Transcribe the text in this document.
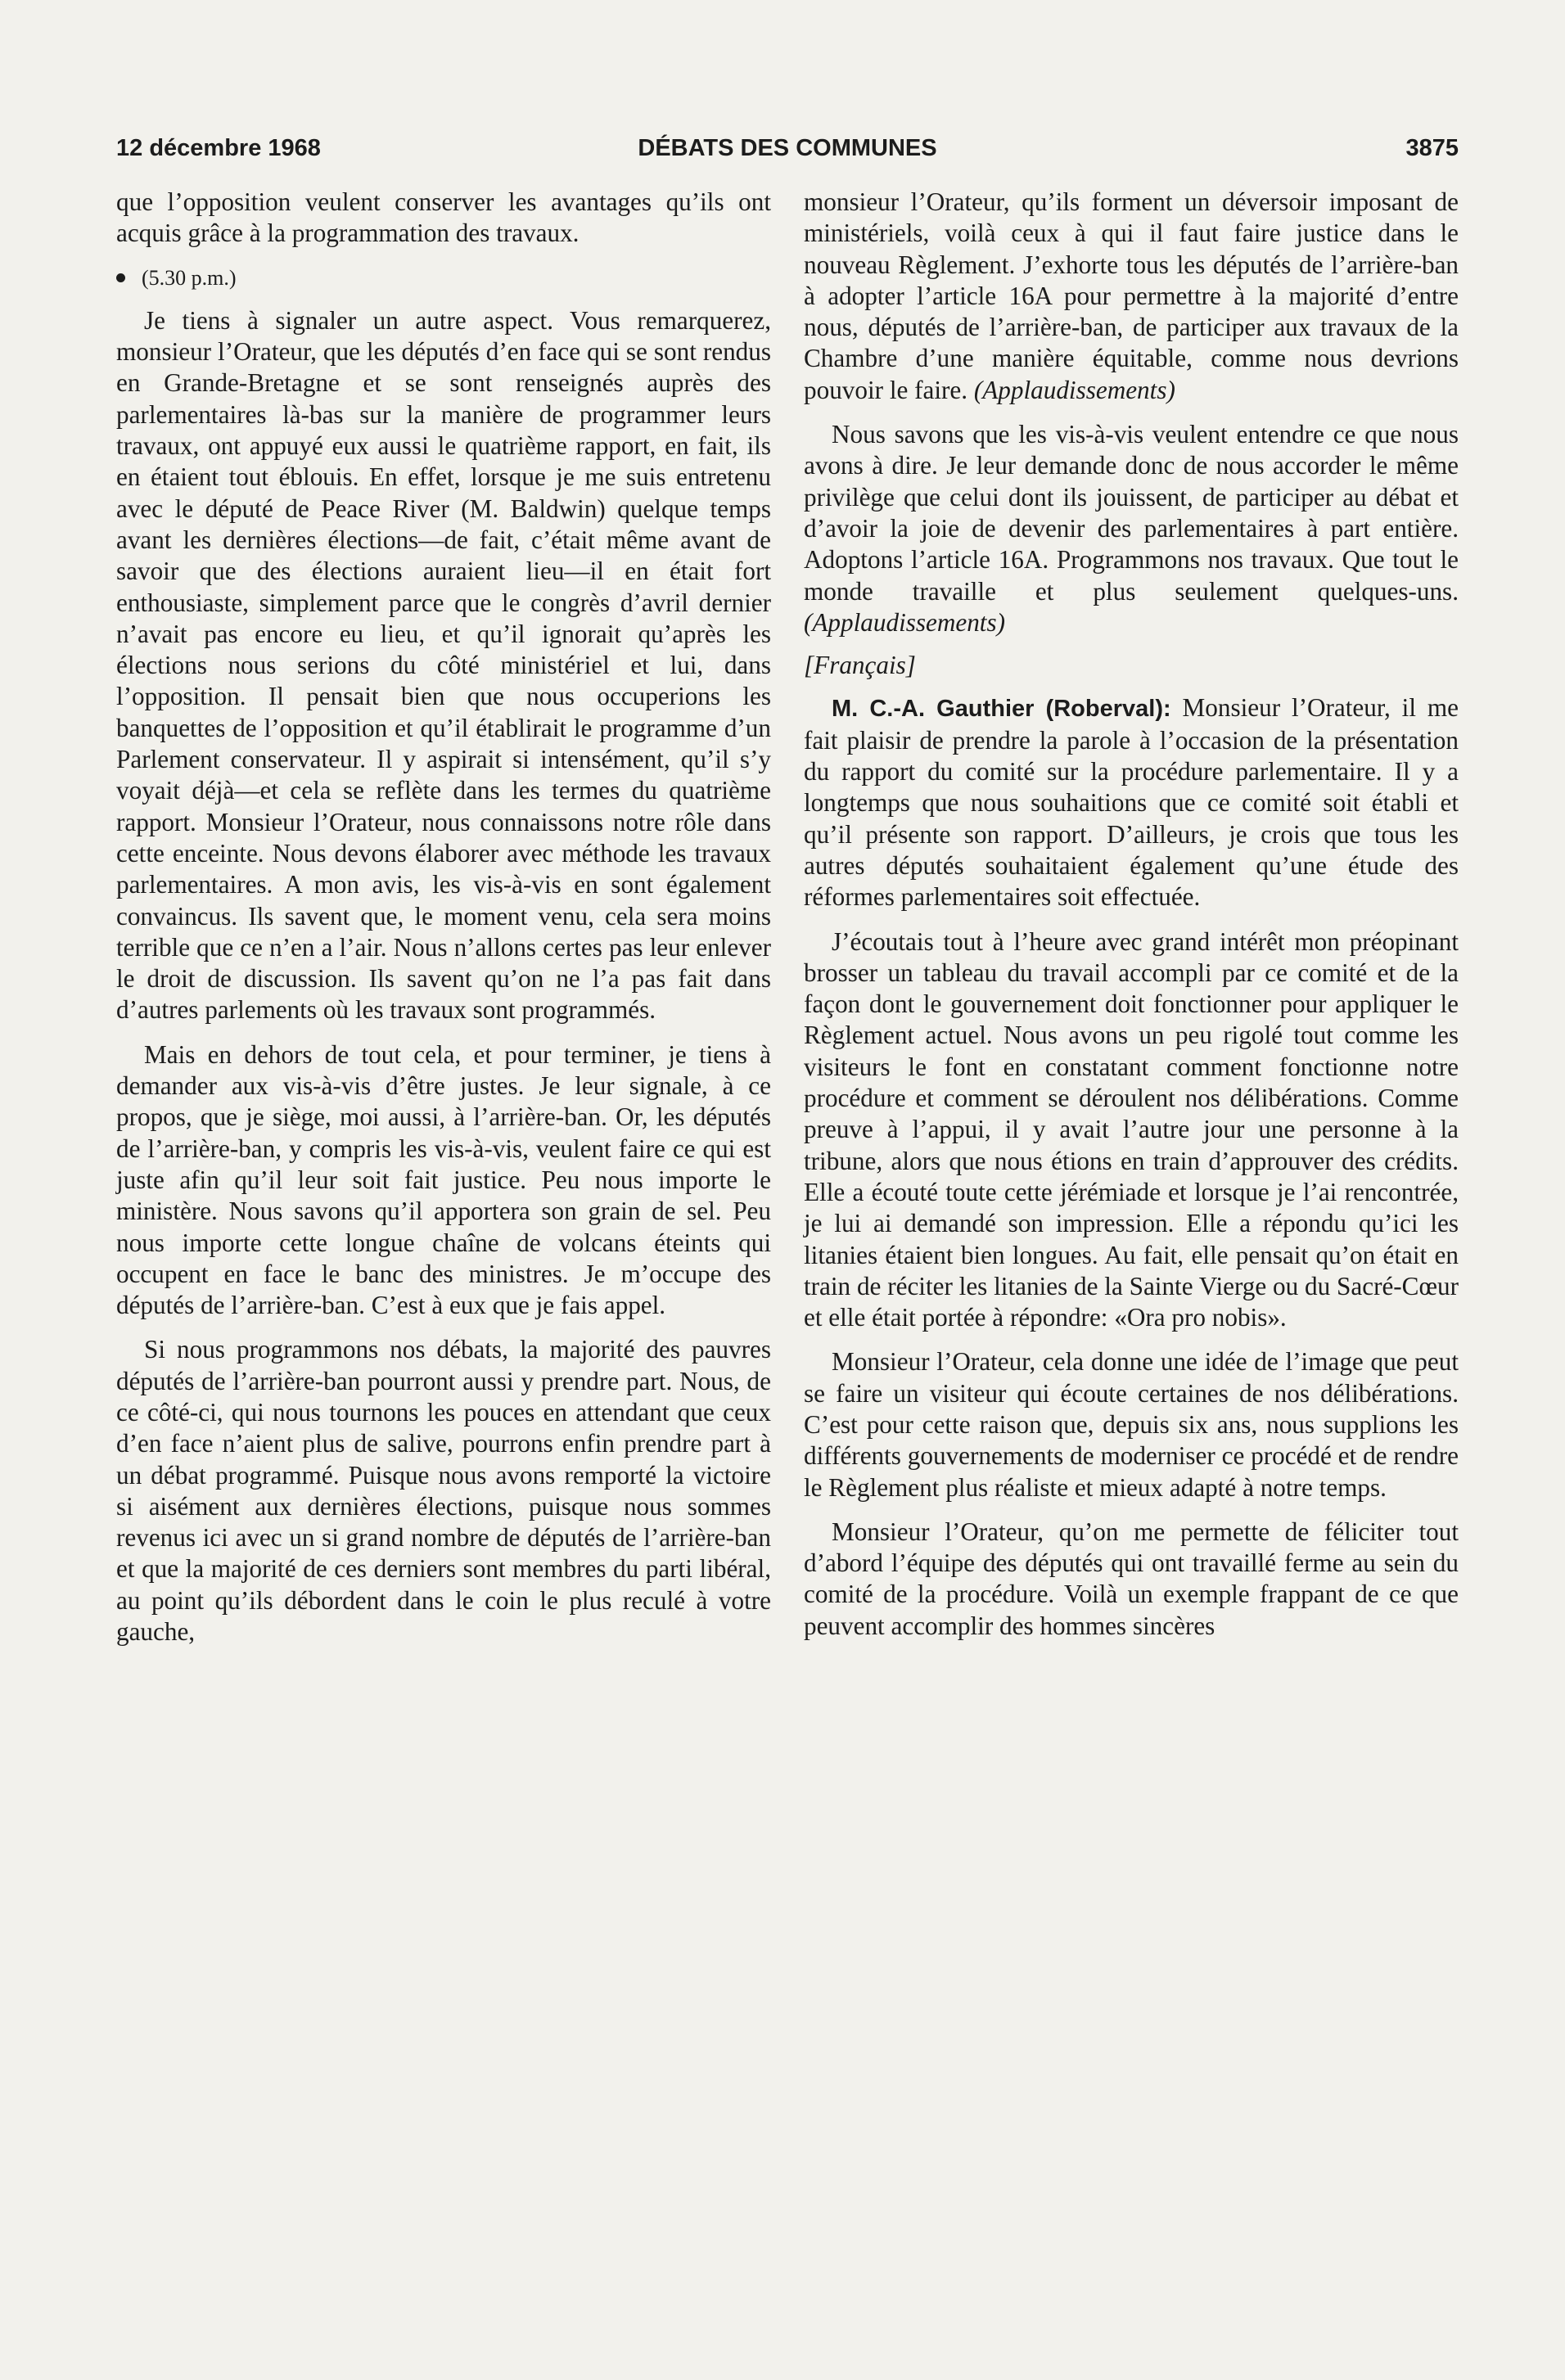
12 décembre 1968	DÉBATS DES COMMUNES	3875

que l’opposition veulent conserver les avantages qu’ils ont acquis grâce à la programmation des travaux.

(5.30 p.m.)

Je tiens à signaler un autre aspect. Vous remarquerez, monsieur l’Orateur, que les députés d’en face qui se sont rendus en Grande-Bretagne et se sont renseignés auprès des parlementaires là-bas sur la manière de programmer leurs travaux, ont appuyé eux aussi le quatrième rapport, en fait, ils en étaient tout éblouis. En effet, lorsque je me suis entretenu avec le député de Peace River (M. Baldwin) quelque temps avant les dernières élections—de fait, c’était même avant de savoir que des élections auraient lieu—il en était fort enthousiaste, simplement parce que le congrès d’avril dernier n’avait pas encore eu lieu, et qu’il ignorait qu’après les élections nous serions du côté ministériel et lui, dans l’opposition. Il pensait bien que nous occuperions les banquettes de l’opposition et qu’il établirait le programme d’un Parlement conservateur. Il y aspirait si intensément, qu’il s’y voyait déjà—et cela se reflète dans les termes du quatrième rapport. Monsieur l’Orateur, nous connaissons notre rôle dans cette enceinte. Nous devons élaborer avec méthode les travaux parlementaires. A mon avis, les vis-à-vis en sont également convaincus. Ils savent que, le moment venu, cela sera moins terrible que ce n’en a l’air. Nous n’allons certes pas leur enlever le droit de discussion. Ils savent qu’on ne l’a pas fait dans d’autres parlements où les travaux sont programmés.

Mais en dehors de tout cela, et pour terminer, je tiens à demander aux vis-à-vis d’être justes. Je leur signale, à ce propos, que je siège, moi aussi, à l’arrière-ban. Or, les députés de l’arrière-ban, y compris les vis-à-vis, veulent faire ce qui est juste afin qu’il leur soit fait justice. Peu nous importe le ministère. Nous savons qu’il apportera son grain de sel. Peu nous importe cette longue chaîne de volcans éteints qui occupent en face le banc des ministres. Je m’occupe des députés de l’arrière-ban. C’est à eux que je fais appel.

Si nous programmons nos débats, la majorité des pauvres députés de l’arrière-ban pourront aussi y prendre part. Nous, de ce côté-ci, qui nous tournons les pouces en attendant que ceux d’en face n’aient plus de salive, pourrons enfin prendre part à un débat programmé. Puisque nous avons remporté la victoire si aisément aux dernières élections, puisque nous sommes revenus ici avec un si grand nombre de députés de l’arrière-ban et que la majorité de ces derniers sont membres du parti libéral, au point qu’ils débordent dans le coin le plus reculé à votre gauche,

monsieur l’Orateur, qu’ils forment un déversoir imposant de ministériels, voilà ceux à qui il faut faire justice dans le nouveau Règlement. J’exhorte tous les députés de l’arrière-ban à adopter l’article 16A pour permettre à la majorité d’entre nous, députés de l’arrière-ban, de participer aux travaux de la Chambre d’une manière équitable, comme nous devrions pouvoir le faire. (Applaudissements)

Nous savons que les vis-à-vis veulent entendre ce que nous avons à dire. Je leur demande donc de nous accorder le même privilège que celui dont ils jouissent, de participer au débat et d’avoir la joie de devenir des parlementaires à part entière. Adoptons l’article 16A. Programmons nos travaux. Que tout le monde travaille et plus seulement quelques-uns. (Applaudissements)

[Français]

M. C.-A. Gauthier (Roberval): Monsieur l’Orateur, il me fait plaisir de prendre la parole à l’occasion de la présentation du rapport du comité sur la procédure parlementaire. Il y a longtemps que nous souhaitions que ce comité soit établi et qu’il présente son rapport. D’ailleurs, je crois que tous les autres députés souhaitaient également qu’une étude des réformes parlementaires soit effectuée.

J’écoutais tout à l’heure avec grand intérêt mon préopinant brosser un tableau du travail accompli par ce comité et de la façon dont le gouvernement doit fonctionner pour appliquer le Règlement actuel. Nous avons un peu rigolé tout comme les visiteurs le font en constatant comment fonctionne notre procédure et comment se déroulent nos délibérations. Comme preuve à l’appui, il y avait l’autre jour une personne à la tribune, alors que nous étions en train d’approuver des crédits. Elle a écouté toute cette jérémiade et lorsque je l’ai rencontrée, je lui ai demandé son impression. Elle a répondu qu’ici les litanies étaient bien longues. Au fait, elle pensait qu’on était en train de réciter les litanies de la Sainte Vierge ou du Sacré-Cœur et elle était portée à répondre: «Ora pro nobis».

Monsieur l’Orateur, cela donne une idée de l’image que peut se faire un visiteur qui écoute certaines de nos délibérations. C’est pour cette raison que, depuis six ans, nous supplions les différents gouvernements de moderniser ce procédé et de rendre le Règlement plus réaliste et mieux adapté à notre temps.

Monsieur l’Orateur, qu’on me permette de féliciter tout d’abord l’équipe des députés qui ont travaillé ferme au sein du comité de la procédure. Voilà un exemple frappant de ce que peuvent accomplir des hommes sincères
